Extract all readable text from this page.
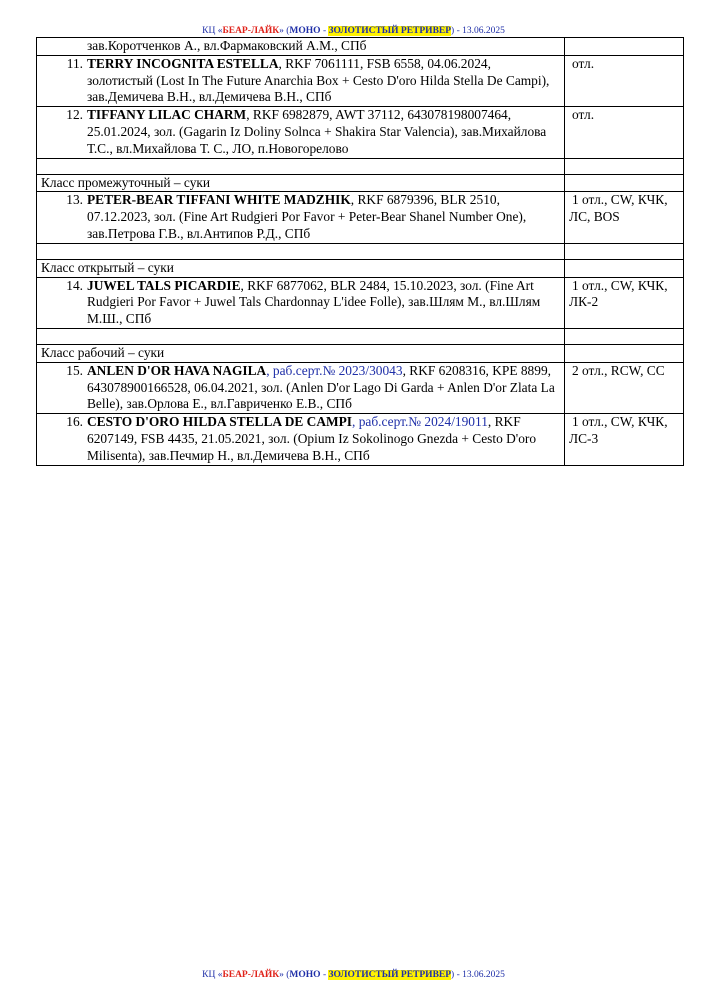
КЦ «БЕАР-ЛАЙК» (МОНО - ЗОЛОТИСТЫЙ РЕТРИВЕР) - 13.06.2025
зав.Коротченков А., вл.Фармаковский А.М., СПб	

11. TERRY INCOGNITA ESTELLA, RKF 7061111, FSB 6558, 04.06.2024, золотистый (Lost In The Future Anarchia Box + Cesto D'oro Hilda Stella De Campi), зав.Демичева В.Н., вл.Демичева В.Н., СПб	отл.

12. TIFFANY LILAC CHARM, RKF 6982879, AWT 37112, 643078198007464, 25.01.2024, зол. (Gagarin Iz Doliny Solnca + Shakira Star Valencia), зав.Михайлова Т.С., вл.Михайлова Т. С., ЛО, п.Новогорелово	отл.

Класс промежуточный – суки	

13. PETER-BEAR TIFFANI WHITE MADZHIK, RKF 6879396, BLR 2510, 07.12.2023, зол. (Fine Art Rudgieri Por Favor + Peter-Bear Shanel Number One), зав.Петрова Г.В., вл.Антипов Р.Д., СПб	1 отл., CW, КЧК, ЛС, BOS

Класс открытый – суки	

14. JUWEL TALS PICARDIE, RKF 6877062, BLR 2484, 15.10.2023, зол. (Fine Art Rudgieri Por Favor + Juwel Tals Chardonnay L'idee Folle), зав.Шлям М., вл.Шлям М.Ш., СПб	1 отл., CW, КЧК, ЛК-2

Класс рабочий – суки	

15. ANLEN D'OR HAVA NAGILA, раб.серт.№ 2023/30043, RKF 6208316, KPE 8899, 643078900166528, 06.04.2021, зол. (Anlen D'or Lago Di Garda + Anlen D'or Zlata La Belle), зав.Орлова Е., вл.Гавриченко Е.В., СПб	2 отл., RCW, CC

16. CESTO D'ORO HILDA STELLA DE CAMPI, раб.серт.№ 2024/19011, RKF 6207149, FSB 4435, 21.05.2021, зол. (Opium Iz Sokolinogo Gnezda + Cesto D'oro Milisenta), зав.Печмир Н., вл.Демичева В.Н., СПб	1 отл., CW, КЧК, ЛС-3
КЦ «БЕАР-ЛАЙК» (МОНО - ЗОЛОТИСТЫЙ РЕТРИВЕР) - 13.06.2025
